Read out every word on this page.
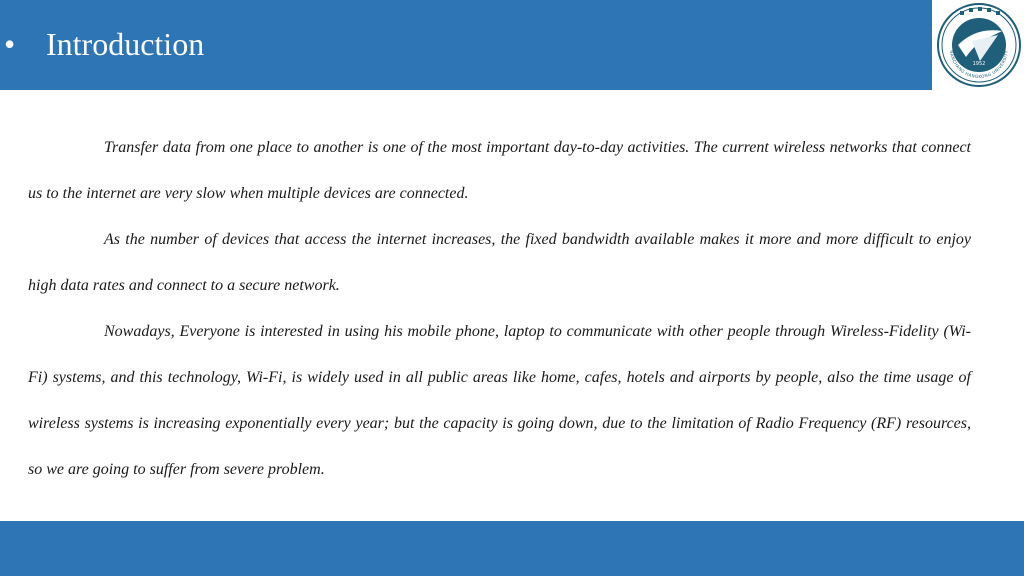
• Introduction
1952
NANCHANG HANGKONG UNIVERSITY

Transfer data from one place to another is one of the most important day-to-day activities. The current wireless networks that connect us to the internet are very slow when multiple devices are connected.

As the number of devices that access the internet increases, the fixed bandwidth available makes it more and more difficult to enjoy high data rates and connect to a secure network.

Nowadays, Everyone is interested in using his mobile phone, laptop to communicate with other people through Wireless-Fidelity (Wi-Fi) systems, and this technology, Wi-Fi, is widely used in all public areas like home, cafes, hotels and airports by people, also the time usage of wireless systems is increasing exponentially every year; but the capacity is going down, due to the limitation of Radio Frequency (RF) resources, so we are going to suffer from severe problem.
